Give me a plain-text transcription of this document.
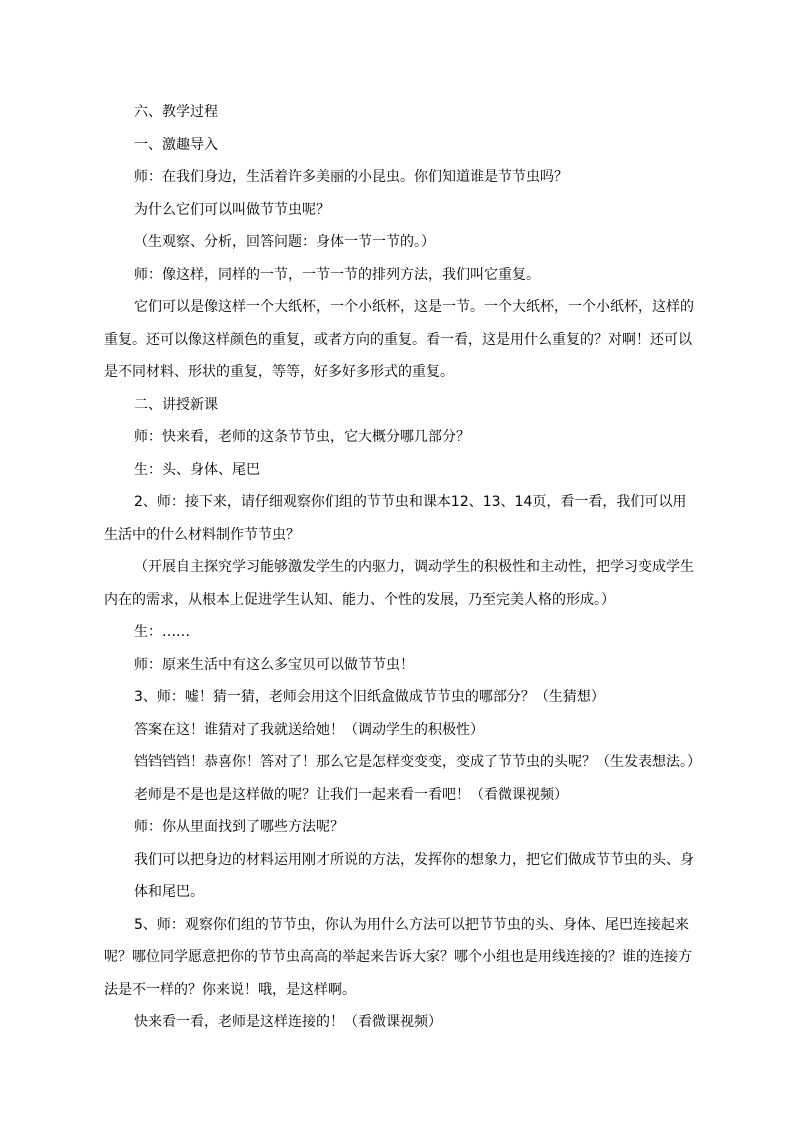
六、教学过程

一、激趣导入

师：在我们身边，生活着许多美丽的小昆虫。你们知道谁是节节虫吗？

为什么它们可以叫做节节虫呢？

（生观察、分析，回答问题：身体一节一节的。）

师：像这样，同样的一节，一节一节的排列方法，我们叫它重复。

它们可以是像这样一个大纸杯，一个小纸杯，这是一节。一个大纸杯，一个小纸杯，这样的重复。还可以像这样颜色的重复，或者方向的重复。看一看，这是用什么重复的？对啊！还可以是不同材料、形状的重复，等等，好多好多形式的重复。

二、讲授新课

师：快来看，老师的这条节节虫，它大概分哪几部分？

生：头、身体、尾巴

2、师：接下来，请仔细观察你们组的节节虫和课本12、13、14页，看一看，我们可以用生活中的什么材料制作节节虫？

（开展自主探究学习能够激发学生的内驱力，调动学生的积极性和主动性，把学习变成学生内在的需求，从根本上促进学生认知、能力、个性的发展，乃至完美人格的形成。）

生：……

师：原来生活中有这么多宝贝可以做节节虫！

3、师：嘘！猜一猜，老师会用这个旧纸盒做成节节虫的哪部分？（生猜想）

答案在这！谁猜对了我就送给她！（调动学生的积极性）

铛铛铛铛！恭喜你！答对了！那么它是怎样变变变，变成了节节虫的头呢？（生发表想法。）

老师是不是也是这样做的呢？让我们一起来看一看吧！（看微课视频）

师：你从里面找到了哪些方法呢？

我们可以把身边的材料运用刚才所说的方法，发挥你的想象力，把它们做成节节虫的头、身体和尾巴。

5、师：观察你们组的节节虫，你认为用什么方法可以把节节虫的头、身体、尾巴连接起来呢？哪位同学愿意把你的节节虫高高的举起来告诉大家？哪个小组也是用线连接的？谁的连接方法是不一样的？你来说！哦，是这样啊。

快来看一看，老师是这样连接的！（看微课视频）
